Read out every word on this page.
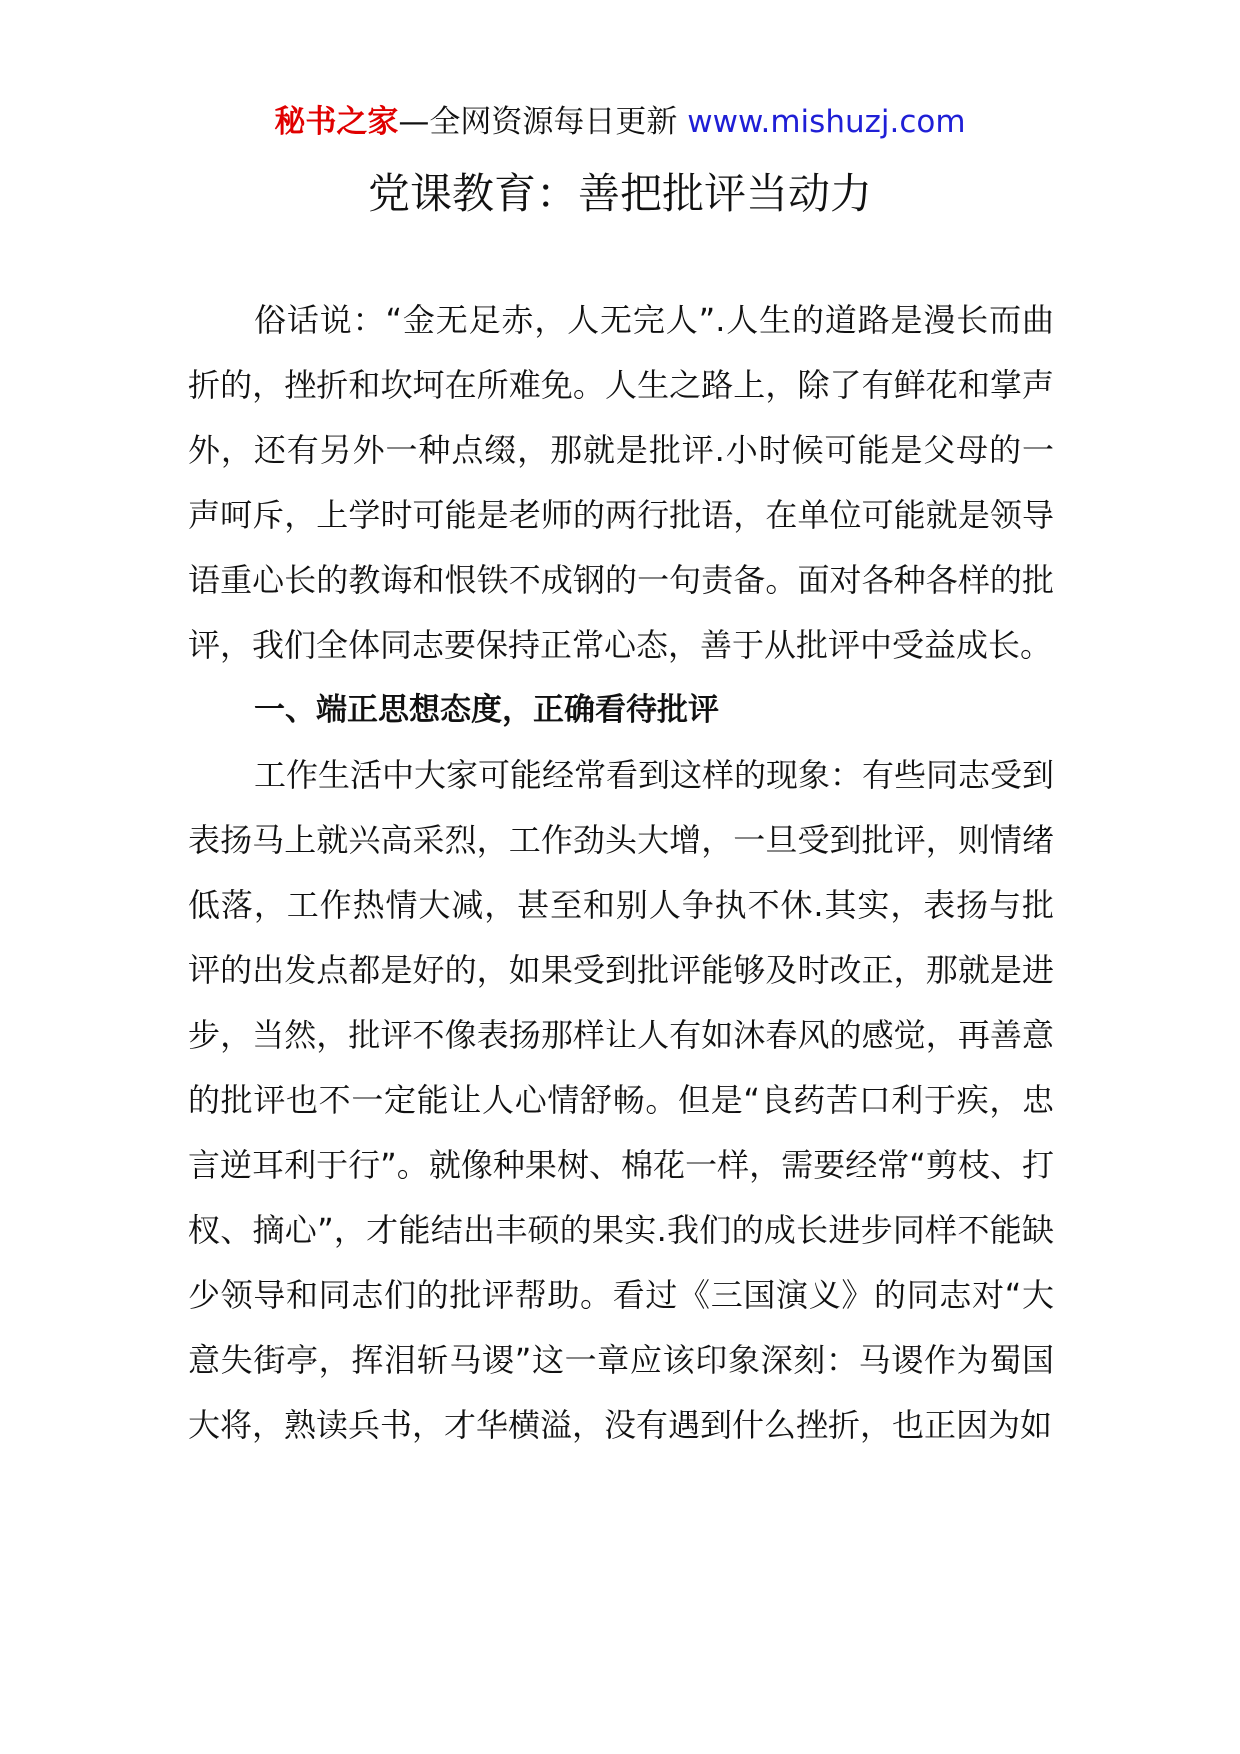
秘书之家—全网资源每日更新 www.mishuzj.com
党课教育：善把批评当动力

俗话说：“金无足赤，人无完人”.人生的道路是漫长而曲折的，挫折和坎坷在所难免。人生之路上，除了有鲜花和掌声外，还有另外一种点缀，那就是批评.小时候可能是父母的一声呵斥，上学时可能是老师的两行批语，在单位可能就是领导语重心长的教诲和恨铁不成钢的一句责备。面对各种各样的批评，我们全体同志要保持正常心态，善于从批评中受益成长。

一、端正思想态度，正确看待批评

工作生活中大家可能经常看到这样的现象：有些同志受到表扬马上就兴高采烈，工作劲头大增，一旦受到批评，则情绪低落，工作热情大减，甚至和别人争执不休.其实，表扬与批评的出发点都是好的，如果受到批评能够及时改正，那就是进步，当然，批评不像表扬那样让人有如沐春风的感觉，再善意的批评也不一定能让人心情舒畅。但是“良药苦口利于疾，忠言逆耳利于行”。就像种果树、棉花一样，需要经常“剪枝、打杈、摘心”，才能结出丰硕的果实.我们的成长进步同样不能缺少领导和同志们的批评帮助。看过《三国演义》的同志对“大意失街亭，挥泪斩马谡”这一章应该印象深刻：马谡作为蜀国大将，熟读兵书，才华横溢，没有遇到什么挫折，也正因为如
